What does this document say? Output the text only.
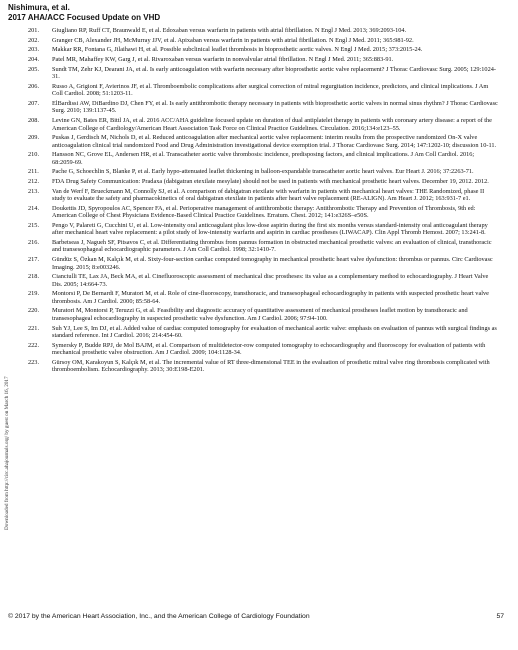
Nishimura, et al.
2017 AHA/ACC Focused Update on VHD
Downloaded from http://circ.ahajournals.org/ by guest on March 16, 2017
201.	Giugliano RP, Ruff CT, Braunwald E, et al. Edoxaban versus warfarin in patients with atrial fibrillation. N Engl J Med. 2013; 369:2093-104.
202.	Granger CB, Alexander JH, McMurray JJV, et al. Apixaban versus warfarin in patients with atrial fibrillation. N Engl J Med. 2011; 365:981-92.
203.	Makkar RR, Fontana G, Jilaihawi H, et al. Possible subclinical leaflet thrombosis in bioprosthetic aortic valves. N Engl J Med. 2015; 373:2015-24.
204.	Patel MR, Mahaffey KW, Garg J, et al. Rivaroxaban versus warfarin in nonvalvular atrial fibrillation. N Engl J Med. 2011; 365:883-91.
205.	Sundt TM, Zehr KJ, Dearani JA, et al. Is early anticoagulation with warfarin necessary after bioprosthetic aortic valve replacement? J Thorac Cardiovasc Surg. 2005; 129:1024-31.
206.	Russo A, Grigioni F, Avierinos JF, et al. Thromboembolic complications after surgical correction of mitral regurgitation incidence, predictors, and clinical implications. J Am Coll Cardiol. 2008; 51:1203-11.
207.	ElBardissi AW, DiBardino DJ, Chen FY, et al. Is early antithrombotic therapy necessary in patients with bioprosthetic aortic valves in normal sinus rhythm? J Thorac Cardiovasc Surg. 2010; 139:1137-45.
208.	Levine GN, Bates ER, Bittl JA, et al. 2016 ACC/AHA guideline focused update on duration of dual antiplatelet therapy in patients with coronary artery disease: a report of the American College of Cardiology/American Heart Association Task Force on Clinical Practice Guidelines. Circulation. 2016;134:e123–55.
209.	Puskas J, Gerdisch M, Nichols D, et al. Reduced anticoagulation after mechanical aortic valve replacement: interim results from the prospective randomized On-X valve anticoagulation clinical trial randomized Food and Drug Administration investigational device exemption trial. J Thorac Cardiovasc Surg. 2014; 147:1202-10; discussion 10-11.
210.	Hansson NC, Grove EL, Andersen HR, et al. Transcatheter aortic valve thrombosis: incidence, predisposing factors, and clinical implications. J Am Coll Cardiol. 2016; 68:2059-69.
211.	Pache G, Schoechlin S, Blanke P, et al. Early hypo-attenuated leaflet thickening in balloon-expandable transcatheter aortic heart valves. Eur Heart J. 2016; 37:2263-71.
212.	FDA Drug Safety Communication: Pradaxa (dabigatran etexilate mesylate) should not be used in patients with mechanical prosthetic heart valves. December 19, 2012. 2012.
213.	Van de Werf F, Brueckmann M, Connolly SJ, et al. A comparison of dabigatran etexilate with warfarin in patients with mechanical heart valves: THE Randomized, phase II study to evaluate the safety and pharmacokinetics of oral dabigatran etexilate in patients after heart valve replacement (RE-ALIGN). Am Heart J. 2012; 163:931-7 e1.
214.	Doukettis JD, Spyropoulos AC, Spencer FA, et al. Perioperative management of antithrombotic therapy: Antithrombotic Therapy and Prevention of Thrombosis, 9th ed: American College of Chest Physicians Evidence-Based Clinical Practice Guidelines. Erratum. Chest. 2012; 141:e326S–e50S.
215.	Pengo V, Palareti G, Cucchini U, et al. Low-intensity oral anticoagulant plus low-dose aspirin during the first six months versus standard-intensity oral anticoagulant therapy after mechanical heart valve replacement: a pilot study of low-intensity warfarin and aspirin in cardiac prostheses (LIWACAP). Clin Appl Thromb Hemost. 2007; 13:241-8.
216.	Barbetseas J, Nagueh SF, Pitsavos C, et al. Differentiating thrombus from pannus formation in obstructed mechanical prosthetic valves: an evaluation of clinical, transthoracic and transesophageal echocardiographic parameters. J Am Coll Cardiol. 1998; 32:1410-7.
217.	Gündüz S, Özkan M, Kalçık M, et al. Sixty-four-section cardiac computed tomography in mechanical prosthetic heart valve dysfunction: thrombus or pannus. Circ Cardiovasc Imaging. 2015; 8:e003246.
218.	Cianciulli TE, Lax JA, Beck MA, et al. Cinefluoroscopic assessment of mechanical disc prostheses: its value as a complementary method to echocardiography. J Heart Valve Dis. 2005; 14:664-73.
219.	Montorsi P, De Bernardi F, Muratori M, et al. Role of cine-fluoroscopy, transthoracic, and transesophageal echocardiography in patients with suspected prosthetic heart valve thrombosis. Am J Cardiol. 2000; 85:58-64.
220.	Muratori M, Montorsi P, Teruzzi G, et al. Feasibility and diagnostic accuracy of quantitative assessment of mechanical prostheses leaflet motion by transthoracic and transesophageal echocardiography in suspected prosthetic valve dysfunction. Am J Cardiol. 2006; 97:94-100.
221.	Suh YJ, Lee S, Im DJ, et al. Added value of cardiac computed tomography for evaluation of mechanical aortic valve: emphasis on evaluation of pannus with surgical findings as standard reference. Int J Cardiol. 2016; 214:454-60.
222.	Symersky P, Budde RPJ, de Mol BAJM, et al. Comparison of multidetector-row computed tomography to echocardiography and fluoroscopy for evaluation of patients with mechanical prosthetic valve obstruction. Am J Cardiol. 2009; 104:1128-34.
223.	Gürsoy OM, Karakoyun S, Kalçık M, et al. The incremental value of RT three-dimensional TEE in the evaluation of prosthetic mitral valve ring thrombosis complicated with thromboembolism. Echocardiography. 2013; 30:E198-E201.
© 2017 by the American Heart Association, Inc., and the American College of Cardiology Foundation	57
